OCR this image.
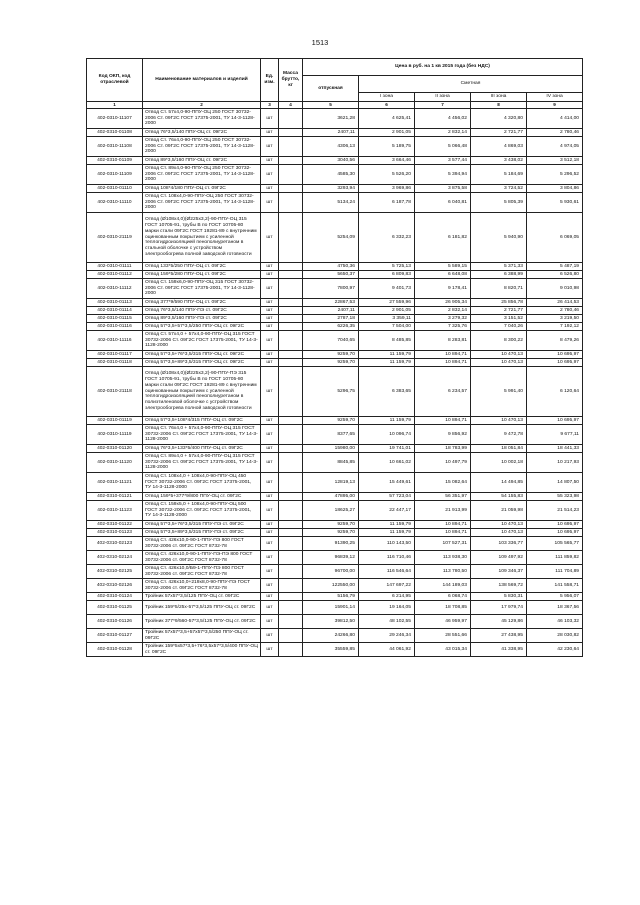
1513
Код ОКП, код отраслевой	Наименование материалов и изделий	Ед. изм.	Масса брутто, кг	Цена в руб. на 1 кв 2015 года (без НДС)				
				отпускная	Сметная			
					I зона	II зона	III зона	IV зона
1	2	3	4	5	6	7	8	9
402-0310-11107	Отвод Ст. 57х4,0-90-ППУ-ОЦ 250 ГОСТ 30732-2006 Ст. 09Г2С ГОСТ 17375-2001, ТУ 14-3-1128-2000	шт		3621,28	4 625,41	4 456,02	4 320,80	4 414,00
402-0310-01108	Отвод 76*3,5/140 ППУ-ОЦ ст. 09Г2С	шт		2407,11	2 901,05	2 832,14	2 721,77	2 780,46
402-0310-11108	Отвод Ст. 76х4,0-90-ППУ-ОЦ 250 ГОСТ 30732-2006 Ст. 09Г2С ГОСТ 17375-2001, ТУ 14-3-1128-2000	шт		4306,13	5 189,75	5 066,48	4 869,03	4 974,05
402-0310-01109	Отвод 89*3,5/160 ППУ-ОЦ ст. 09Г2С	шт		3040,56	3 664,46	3 577,44	3 438,02	3 512,18
402-0310-11109	Отвод Ст. 89х4,0-90-ППУ-ОЦ 250 ГОСТ 30732-2006 Ст. 09Г2С ГОСТ 17375-2001, ТУ 14-3-1128-2000	шт		4585,30	5 526,20	5 394,94	5 184,69	5 296,52
402-0310-01110	Отвод 108*4/180 ППУ-ОЦ ст. 09Г2С	шт		3293,94	3 969,86	3 875,58	3 724,52	3 804,86
402-0310-11110	Отвод Ст. 108х4,0-90-ППУ-ОЦ 250 ГОСТ 30732-2006 Ст. 09Г2С ГОСТ 17375-2001, ТУ 14-3-1128-2000	шт		5134,24	6 187,78	6 040,81	5 805,39	5 930,61
402-0310-21119	Отвод (Ø108х4,0)(Ø225х3,2)-90-ППУ-ОЦ 315 ГОСТ 10705-91, трубы В по ГОСТ 10705-80 марки стали 09Г2С ГОСТ 19281-89 с внутренним оцинкованным покрытием с усиленной теплогидроизоляцией пенополиуретаном в стальной оболочке с устройством электрообогрева полной заводской готовности	шт		5254,09	6 332,23	6 181,82	5 940,90	6 069,05
402-0310-01111	Отвод 133*5/250 ППУ-ОЦ ст. 09Г2С	шт		4750,36	5 725,13	5 589,15	5 371,33	5 487,19
402-0310-01112	Отвод 159*5/280 ППУ-ОЦ ст. 09Г2С	шт		5650,37	6 809,83	6 648,08	6 388,99	6 526,80
402-0310-11112	Отвод Ст. 159х6,0-90-ППУ-ОЦ 315 ГОСТ 30732-2006 Ст. 09Г2С ГОСТ 17375-2001, ТУ 14-3-1128-2000	шт		7800,97	9 401,73	9 178,41	8 820,71	9 010,98
402-0310-01113	Отвод 377*9/590 ППУ-ОЦ ст. 09Г2С	шт		22867,53	27 559,96	26 905,34	25 856,78	26 414,53
402-0310-01114	Отвод 76*3,5/140 ППУ-ПЭ ст. 09Г2С	шт		2407,11	2 901,05	2 832,14	2 721,77	2 780,46
402-0310-01115	Отвод 89*3,5/160 ППУ-ПЭ ст. 09Г2С	шт		2787,18	3 359,11	3 279,32	3 151,52	3 219,50
402-0310-01116	Отвод 57*3,5+57*3,5/250 ППУ-ОЦ ст. 09Г2С	шт		6226,35	7 504,00	7 325,76	7 040,26	7 192,12
402-0310-11116	Отвод Ст. 57х4,0 + 57х4,0-90-ППУ-ОЦ 315 ГОСТ 30732-2006 Ст. 09Г2С ГОСТ 17375-2001, ТУ 14-3-1128-2000	шт		7040,65	8 485,85	8 283,81	8 300,22	8 479,26
402-0310-01117	Отвод 57*3,5+76*3,5/315 ППУ-ОЦ ст. 09Г2С	шт		9259,70	11 159,79	10 894,71	10 470,13	10 695,97
402-0310-01118	Отвод 57*3,5+89*3,5/315 ППУ-ОЦ ст. 09Г2С	шт		9259,70	11 159,79	10 894,71	10 470,13	10 695,97
402-0310-21118	Отвод (Ø108х4,0)(Ø225х3,2)-90-ППУ-ПЭ 315 ГОСТ 10705-91, трубы В по ГОСТ 10705-80 марки стали 09Г2С ГОСТ 19281-89 с внутренним оцинкованным покрытием с усиленной теплогидроизоляцией пенополиуретаном в полиэтиленовой оболочке с устройством электрообогрева полной заводской готовности	шт		5296,75	6 383,65	6 234,57	5 991,40	6 120,64
402-0310-01119	Отвод 57*3,5+108*4/315 ППУ-ОЦ ст. 09Г2С	шт		9259,70	11 159,79	10 894,71	10 470,13	10 695,97
402-0310-11119	Отвод Ст. 76х4,0 + 57х4,0-90-ППУ-ОЦ 315 ГОСТ 30732-2006 Ст. 09Г2С ГОСТ 17375-2001, ТУ 14-3-1128-2000	шт		8377,65	10 096,74	9 856,92	9 472,78	9 677,11
402-0310-01120	Отвод 76*3,5+133*5/400 ППУ-ОЦ ст. 09Г2С	шт		15980,00	19 741,01	18 783,99	18 051,84	18 441,33
402-0310-11120	Отвод Ст. 89х4,0 + 57х4,0-90-ППУ-ОЦ 315 ГОСТ 30732-2006 Ст. 09Г2С ГОСТ 17375-2001, ТУ 14-3-1128-2000	шт		8845,85	10 661,02	10 497,79	10 002,18	10 217,93
402-0310-11121	Отвод Ст. 108х4,0 + 108х4,0-90-ППУ-ОЦ 450 ГОСТ 30732-2006 Ст. 09Г2С ГОСТ 17375-2001, ТУ 14-3-1128-2000	шт		12819,13	15 449,61	15 082,64	14 494,85	14 807,50
402-0310-01121	Отвод 159*5+377*9/800 ППУ-ОЦ ст. 09Г2С	шт		47895,00	57 723,04	56 351,97	54 155,83	55 323,98
402-0310-11123	Отвод Ст. 159х5,0 + 108х4,0-90-ППУ-ОЦ 500 ГОСТ 30732-2006 Ст. 09Г2С ГОСТ 17375-2001, ТУ 14-3-1128-2000	шт		18625,27	22 447,17	21 913,99	21 059,98	21 514,23
402-0310-01122	Отвод 57*3,5+76*3,5/315 ППУ-ПЭ ст. 09Г2С	шт		9259,70	11 159,79	10 894,71	10 470,13	10 695,97
402-0310-01123	Отвод 57*3,5+89*3,5/315 ППУ-ПЭ ст. 09Г2С	шт		9259,70	11 159,79	10 894,71	10 470,13	10 695,97
402-0310-02123	Отвод Ст. 426х10,0-90-1-ППУ-ПЭ 800 ГОСТ 30732-2006 ст. 09Г2С ГОСТ 8732-78	шт		91390,25	110 143,50	107 527,31	103 336,77	105 565,77
402-0310-02124	Отвод Ст. 426х10,0-90-1-ППУ-ПЭ-ПЭ 800 ГОСТ 30732-2006 ст. 09Г2С ГОСТ 8732-78	шт		96839,12	116 710,46	113 938,30	109 497,92	111 859,82
402-0310-02125	Отвод Ст. 426х10,0/Б9-1-ППУ-ПЭ 800 ГОСТ 30732-2006 ст. 09Г2С ГОСТ 8732-78	шт		96700,00	116 546,64	113 780,50	109 346,37	111 704,89
402-0310-02126	Отвод Ст. 426х10,0+219х8,0-90-ППУ-ПЭ ГОСТ 30732-2006 ст. 09Г2С ГОСТ 8732-78	шт		122550,00	147 697,22	144 189,03	138 569,72	141 558,71
402-0310-01124	Тройник 57х57*3,5/125 ППУ-ОЦ ст. 09Г2С	шт		5156,79	6 214,95	6 068,74	5 830,31	5 956,07
402-0310-01125	Тройник 159*5/25х-57*3,5/125 ППУ-ОЦ ст. 09Г2С	шт		15901,14	19 164,05	18 708,85	17 979,74	18 367,56
402-0310-01126	Тройник 377*9/560-57*3,5/125 ППУ-ОЦ ст. 09Г2С	шт		39812,50	48 102,55	46 959,97	45 129,86	46 103,32
402-0310-01127	Тройник 57х57*3,5+57х57*3,5/250 ППУ-ОЦ ст. 09Г2С	шт		24266,80	29 246,34	28 551,66	27 438,95	28 030,82
402-0310-01128	Тройник 159*5х57*3,5+76*3,5х57*3,5/400 ППУ-ОЦ ст. 09Г2С	шт		35559,85	44 061,92	43 015,34	41 338,95	42 230,64
